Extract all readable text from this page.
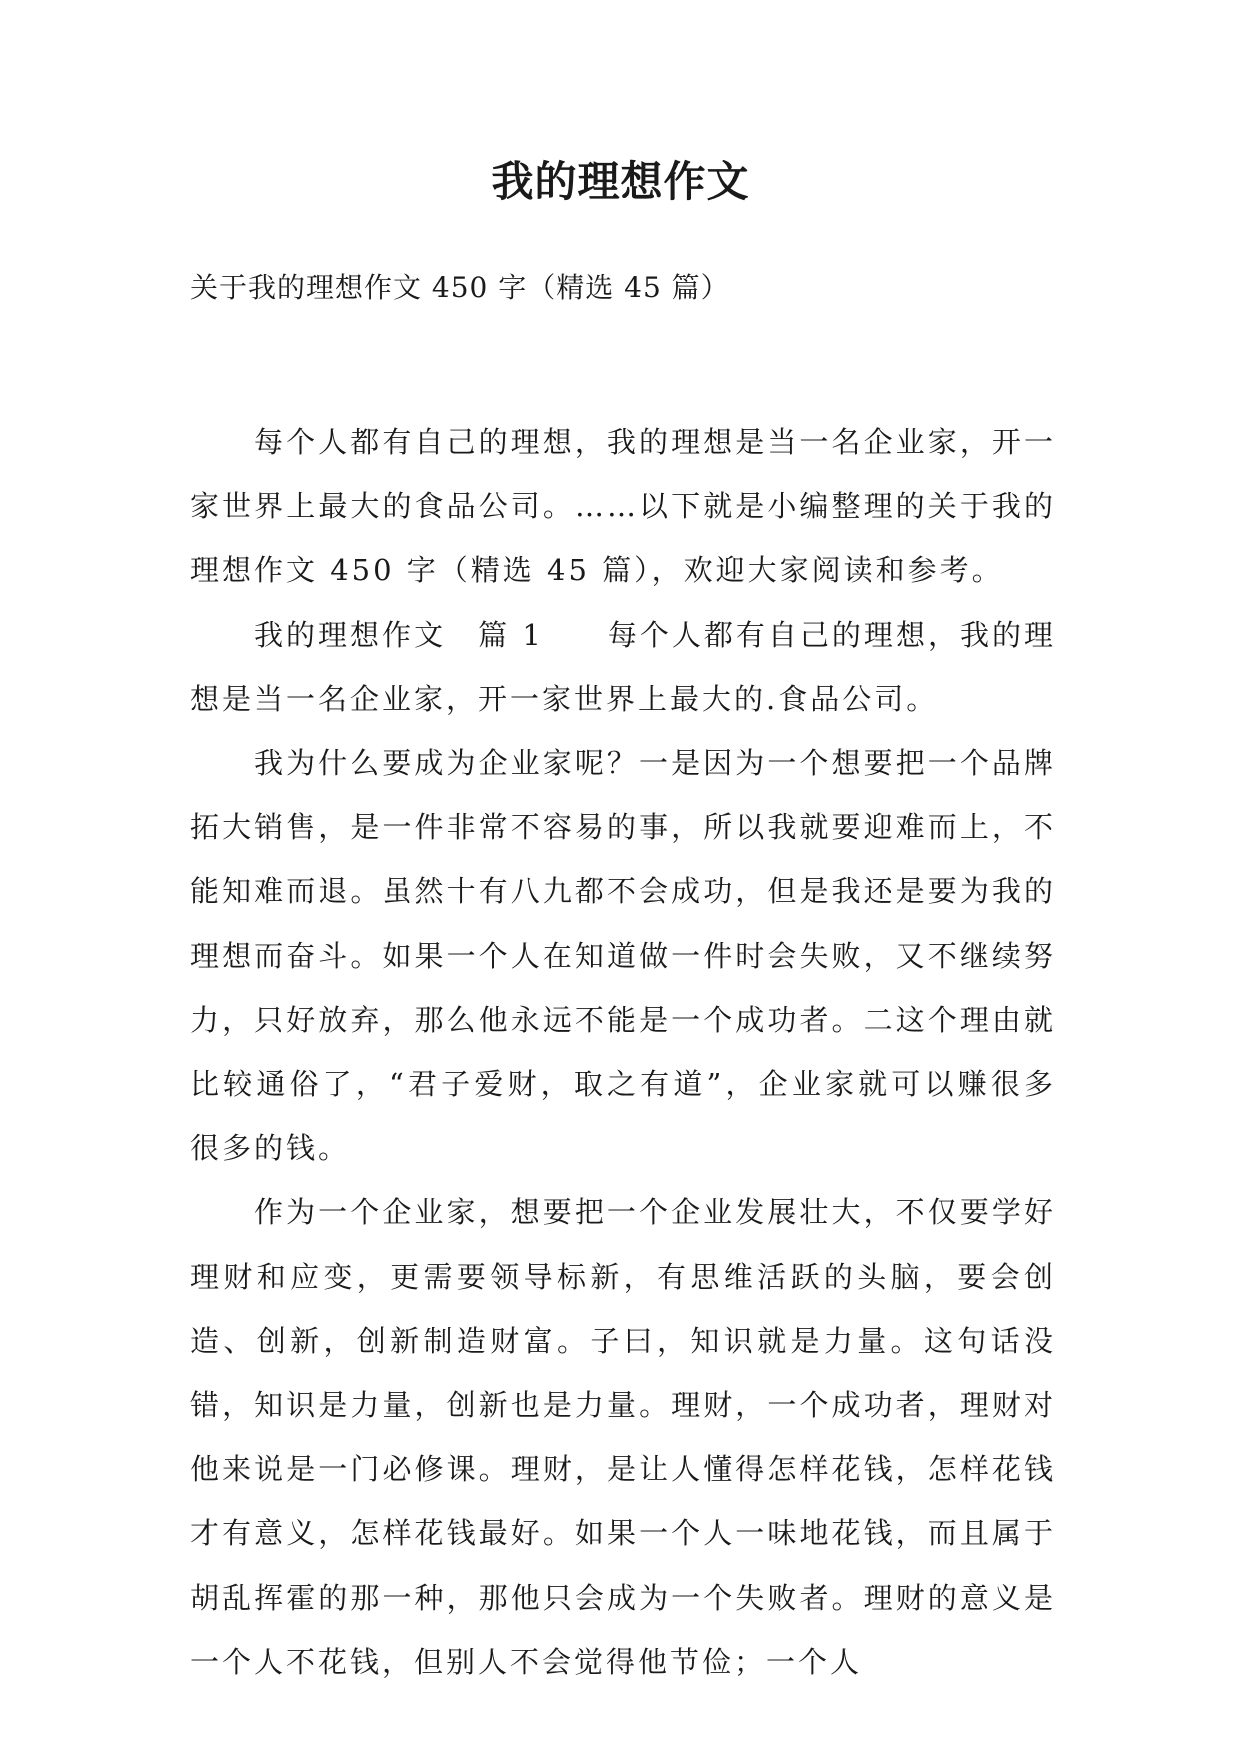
我的理想作文
关于我的理想作文 450 字（精选 45 篇）

每个人都有自己的理想，我的理想是当一名企业家，开一家世界上最大的食品公司。……以下就是小编整理的关于我的理想作文 450 字（精选 45 篇），欢迎大家阅读和参考。

我的理想作文　篇 1　　每个人都有自己的理想，我的理想是当一名企业家，开一家世界上最大的.食品公司。

我为什么要成为企业家呢？一是因为一个想要把一个品牌拓大销售，是一件非常不容易的事，所以我就要迎难而上，不能知难而退。虽然十有八九都不会成功，但是我还是要为我的理想而奋斗。如果一个人在知道做一件时会失败，又不继续努力，只好放弃，那么他永远不能是一个成功者。二这个理由就比较通俗了，“君子爱财，取之有道”，企业家就可以赚很多很多的钱。

作为一个企业家，想要把一个企业发展壮大，不仅要学好理财和应变，更需要领导标新，有思维活跃的头脑，要会创造、创新，创新制造财富。子曰，知识就是力量。这句话没错，知识是力量，创新也是力量。理财，一个成功者，理财对他来说是一门必修课。理财，是让人懂得怎样花钱，怎样花钱才有意义，怎样花钱最好。如果一个人一味地花钱，而且属于胡乱挥霍的那一种，那他只会成为一个失败者。理财的意义是一个人不花钱，但别人不会觉得他节俭；一个人
